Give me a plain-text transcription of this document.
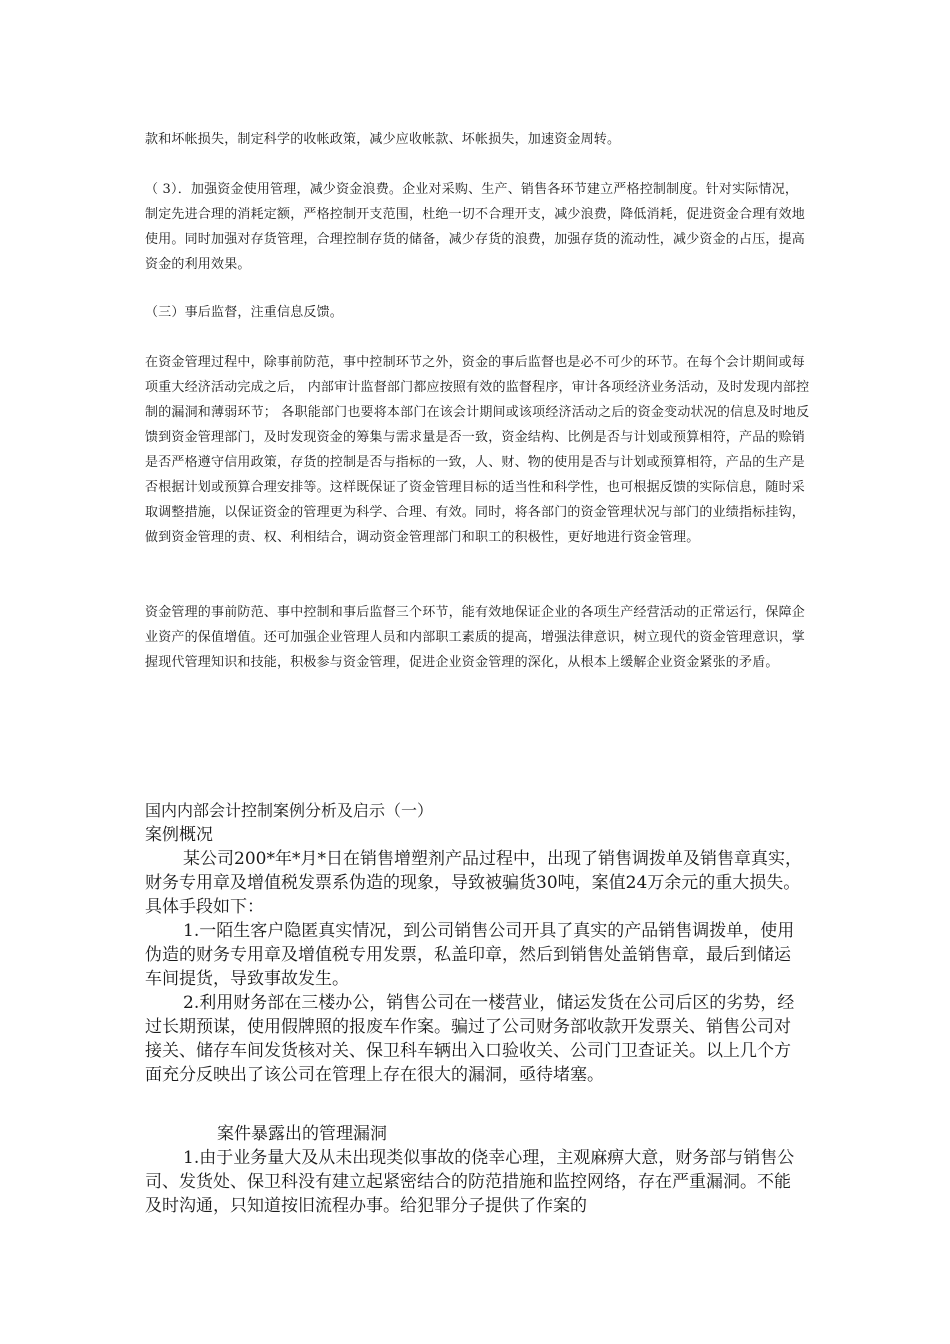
款和坏帐损失，制定科学的收帐政策，减少应收帐款、坏帐损失，加速资金周转。

（ 3）．加强资金使用管理，减少资金浪费。企业对采购、生产、销售各环节建立严格控制制度。针对实际情况，制定先进合理的消耗定额，严格控制开支范围，杜绝一切不合理开支，减少浪费，降低消耗，促进资金合理有效地使用。同时加强对存货管理，合理控制存货的储备，减少存货的浪费，加强存货的流动性，减少资金的占压，提高资金的利用效果。

（三）事后监督，注重信息反馈。

在资金管理过程中，除事前防范，事中控制环节之外，资金的事后监督也是必不可少的环节。在每个会计期间或每项重大经济活动完成之后， 内部审计监督部门都应按照有效的监督程序，审计各项经济业务活动，及时发现内部控制的漏洞和薄弱环节； 各职能部门也要将本部门在该会计期间或该项经济活动之后的资金变动状况的信息及时地反馈到资金管理部门，及时发现资金的筹集与需求量是否一致，资金结构、比例是否与计划或预算相符，产品的赊销是否严格遵守信用政策，存货的控制是否与指标的一致，人、财、物的使用是否与计划或预算相符，产品的生产是否根据计划或预算合理安排等。这样既保证了资金管理目标的适当性和科学性，也可根据反馈的实际信息，随时采取调整措施，以保证资金的管理更为科学、合理、有效。同时，将各部门的资金管理状况与部门的业绩指标挂钩，做到资金管理的责、权、利相结合，调动资金管理部门和职工的积极性，更好地进行资金管理。

资金管理的事前防范、事中控制和事后监督三个环节，能有效地保证企业的各项生产经营活动的正常运行，保障企业资产的保值增值。还可加强企业管理人员和内部职工素质的提高，增强法律意识，树立现代的资金管理意识，掌握现代管理知识和技能，积极参与资金管理，促进企业资金管理的深化，从根本上缓解企业资金紧张的矛盾。

国内内部会计控制案例分析及启示（一）

案例概况

某公司200*年*月*日在销售增塑剂产品过程中，出现了销售调拨单及销售章真实，财务专用章及增值税发票系伪造的现象，导致被骗货30吨，案值24万余元的重大损失。具体手段如下：

1.一陌生客户隐匿真实情况，到公司销售公司开具了真实的产品销售调拨单，使用伪造的财务专用章及增值税专用发票，私盖印章，然后到销售处盖销售章，最后到储运车间提货，导致事故发生。

2.利用财务部在三楼办公，销售公司在一楼营业，储运发货在公司后区的劣势，经过长期预谋，使用假牌照的报废车作案。骗过了公司财务部收款开发票关、销售公司对接关、储存车间发货核对关、保卫科车辆出入口验收关、公司门卫查证关。以上几个方面充分反映出了该公司在管理上存在很大的漏洞，亟待堵塞。

案件暴露出的管理漏洞

1.由于业务量大及从未出现类似事故的侥幸心理，主观麻痹大意，财务部与销售公司、发货处、保卫科没有建立起紧密结合的防范措施和监控网络，存在严重漏洞。不能及时沟通，只知道按旧流程办事。给犯罪分子提供了作案的
